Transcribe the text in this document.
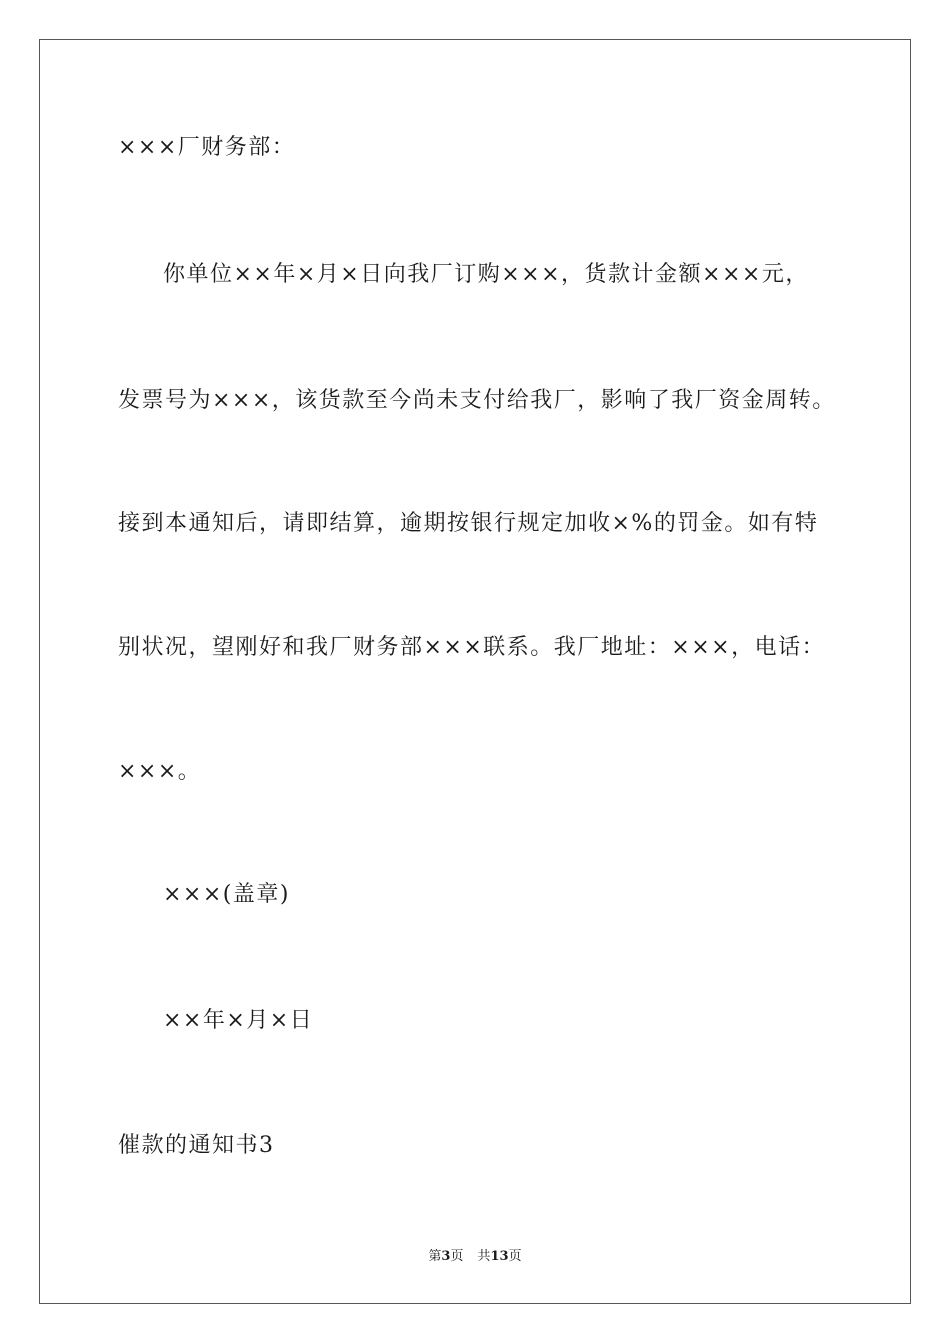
×××厂财务部：
你单位××年×月×日向我厂订购×××，货款计金额×××元，
发票号为×××，该货款至今尚未支付给我厂，影响了我厂资金周转。
接到本通知后，请即结算，逾期按银行规定加收×%的罚金。如有特
别状况，望刚好和我厂财务部×××联系。我厂地址：×××，电话：
×××。
×××(盖章)
××年×月×日
催款的通知书3
第3页 共13页
